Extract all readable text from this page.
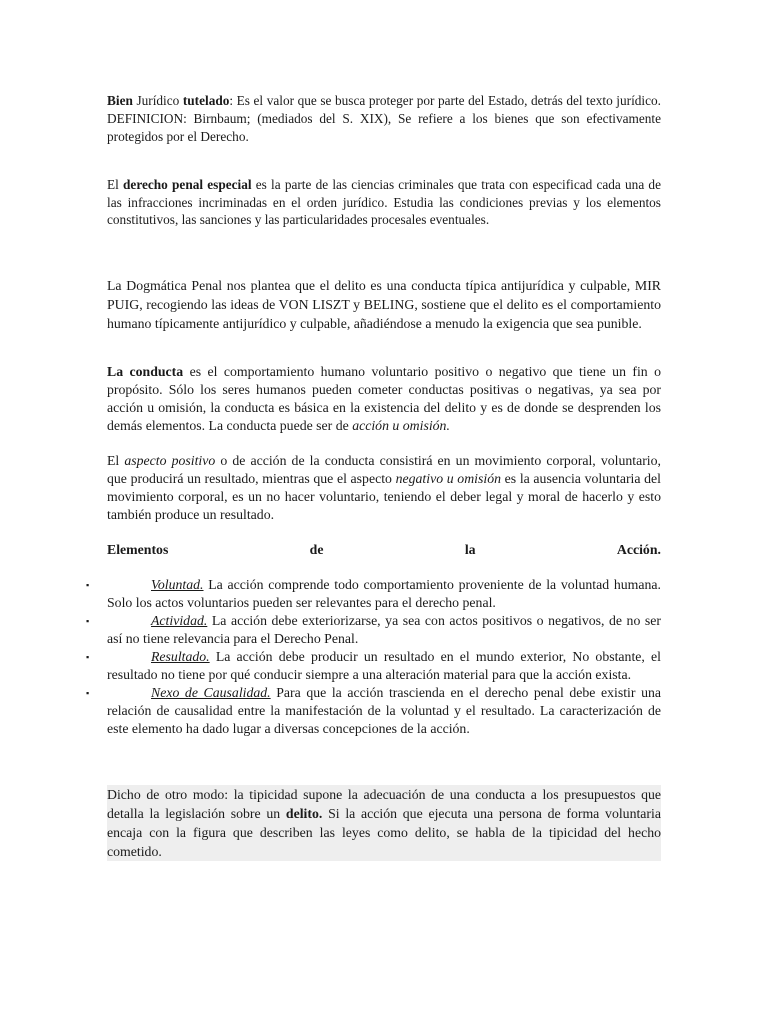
Bien Jurídico tutelado: Es el valor que se busca proteger por parte del Estado, detrás del texto jurídico. DEFINICION: Birnbaum; (mediados del S. XIX), Se refiere a los bienes que son efectivamente protegidos por el Derecho.

El derecho penal especial es la parte de las ciencias criminales que trata con especificad cada una de las infracciones incriminadas en el orden jurídico. Estudia las condiciones previas y los elementos constitutivos, las sanciones y las particularidades procesales eventuales.

La Dogmática Penal nos plantea que el delito es una conducta típica antijurídica y culpable, MIR PUIG, recogiendo las ideas de VON LISZT y BELING, sostiene que el delito es el comportamiento humano típicamente antijurídico y culpable, añadiéndose a menudo la exigencia que sea punible.

La conducta es el comportamiento humano voluntario positivo o negativo que tiene un fin o propósito. Sólo los seres humanos pueden cometer conductas positivas o negativas, ya sea por acción u omisión, la conducta es básica en la existencia del delito y es de donde se desprenden los demás elementos. La conducta puede ser de acción u omisión.

El aspecto positivo o de acción de la conducta consistirá en un movimiento corporal, voluntario, que producirá un resultado, mientras que el aspecto negativo u omisión es la ausencia voluntaria del movimiento corporal, es un no hacer voluntario, teniendo el deber legal y moral de hacerlo y esto también produce un resultado.

Elementos	de	la	Acción.
▪	Voluntad. La acción comprende todo comportamiento proveniente de la voluntad humana. Solo los actos voluntarios pueden ser relevantes para el derecho penal.
▪	Actividad. La acción debe exteriorizarse, ya sea con actos positivos o negativos, de no ser así no tiene relevancia para el Derecho Penal.
▪	Resultado. La acción debe producir un resultado en el mundo exterior, No obstante, el resultado no tiene por qué conducir siempre a una alteración material para que la acción exista.
▪	Nexo de Causalidad. Para que la acción trascienda en el derecho penal debe existir una relación de causalidad entre la manifestación de la voluntad y el resultado. La caracterización de este elemento ha dado lugar a diversas concepciones de la acción.

Dicho de otro modo: la tipicidad supone la adecuación de una conducta a los presupuestos que detalla la legislación sobre un delito. Si la acción que ejecuta una persona de forma voluntaria encaja con la figura que describen las leyes como delito, se habla de la tipicidad del hecho cometido.
